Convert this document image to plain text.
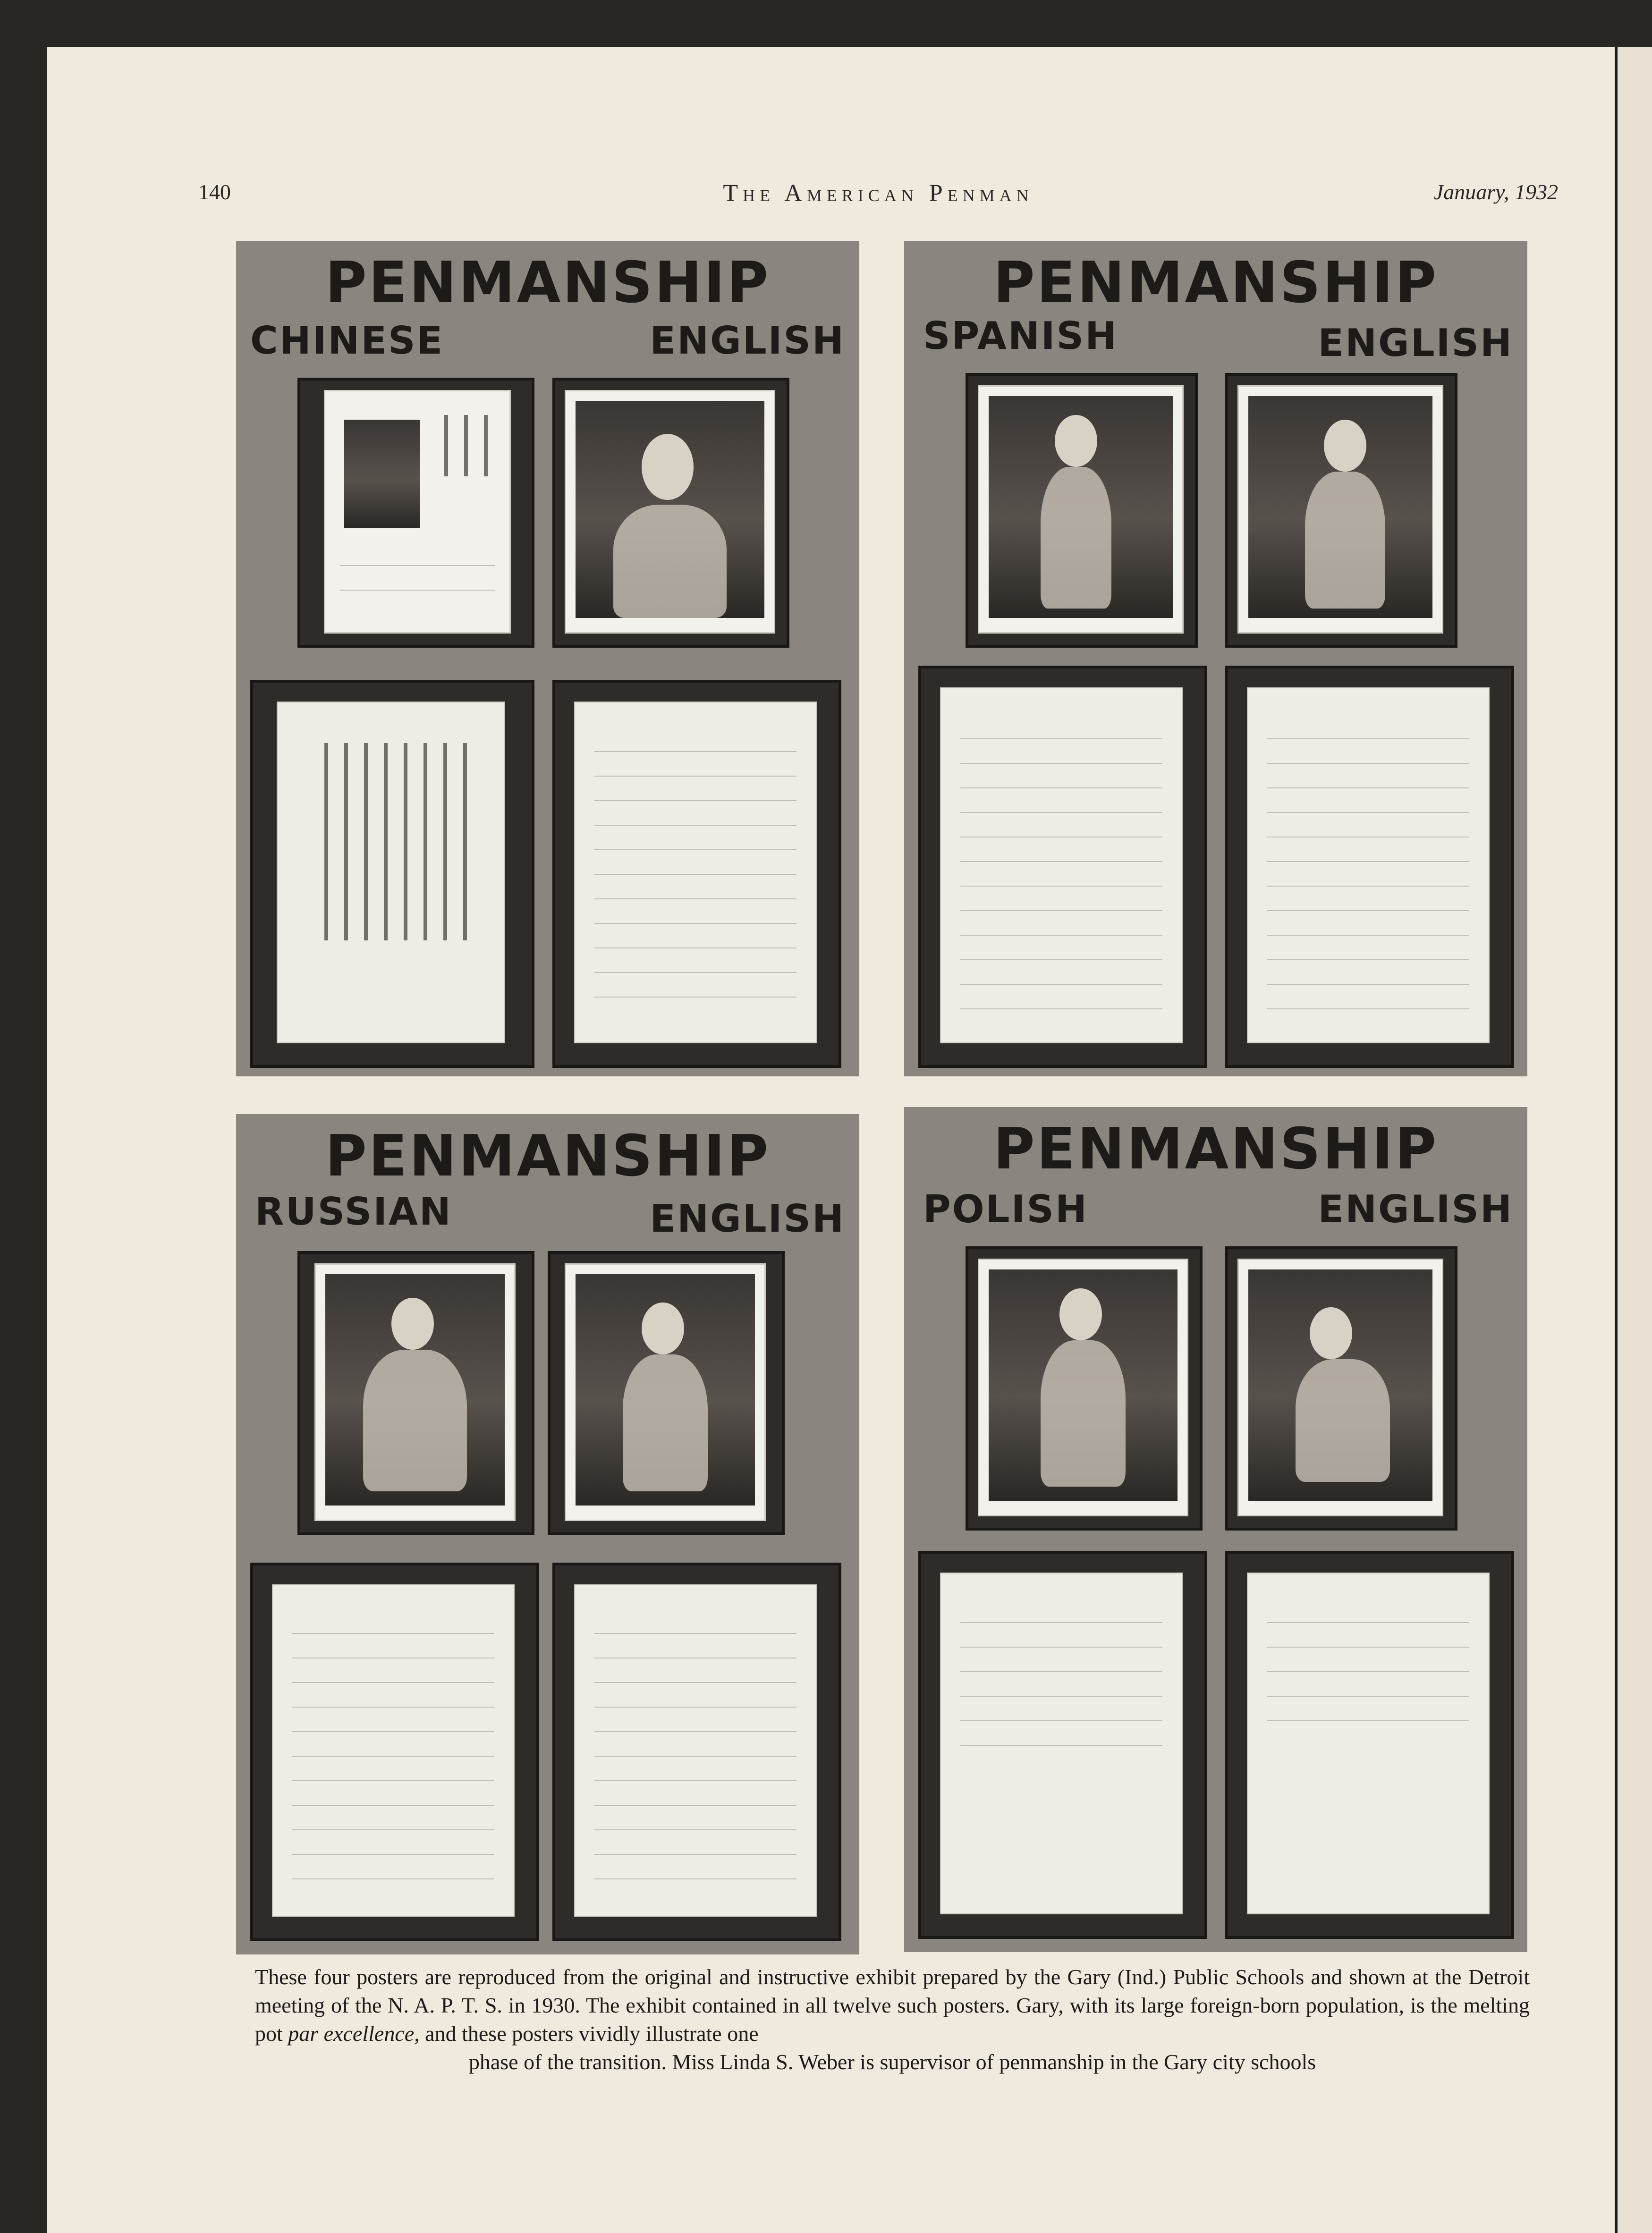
140	The American Penman	January, 1932
PENMANSHIP
CHINESE	ENGLISH
PENMANSHIP
SPANISH	ENGLISH
PENMANSHIP
RUSSIAN	ENGLISH
PENMANSHIP
POLISH	ENGLISH
These four posters are reproduced from the original and instructive exhibit prepared by the Gary (Ind.) Public Schools and shown at the Detroit meeting of the N. A. P. T. S. in 1930. The exhibit contained in all twelve such posters. Gary, with its large foreign-born population, is the melting pot par excellence, and these posters vividly illustrate one
phase of the transition. Miss Linda S. Weber is supervisor of penmanship in the Gary city schools
